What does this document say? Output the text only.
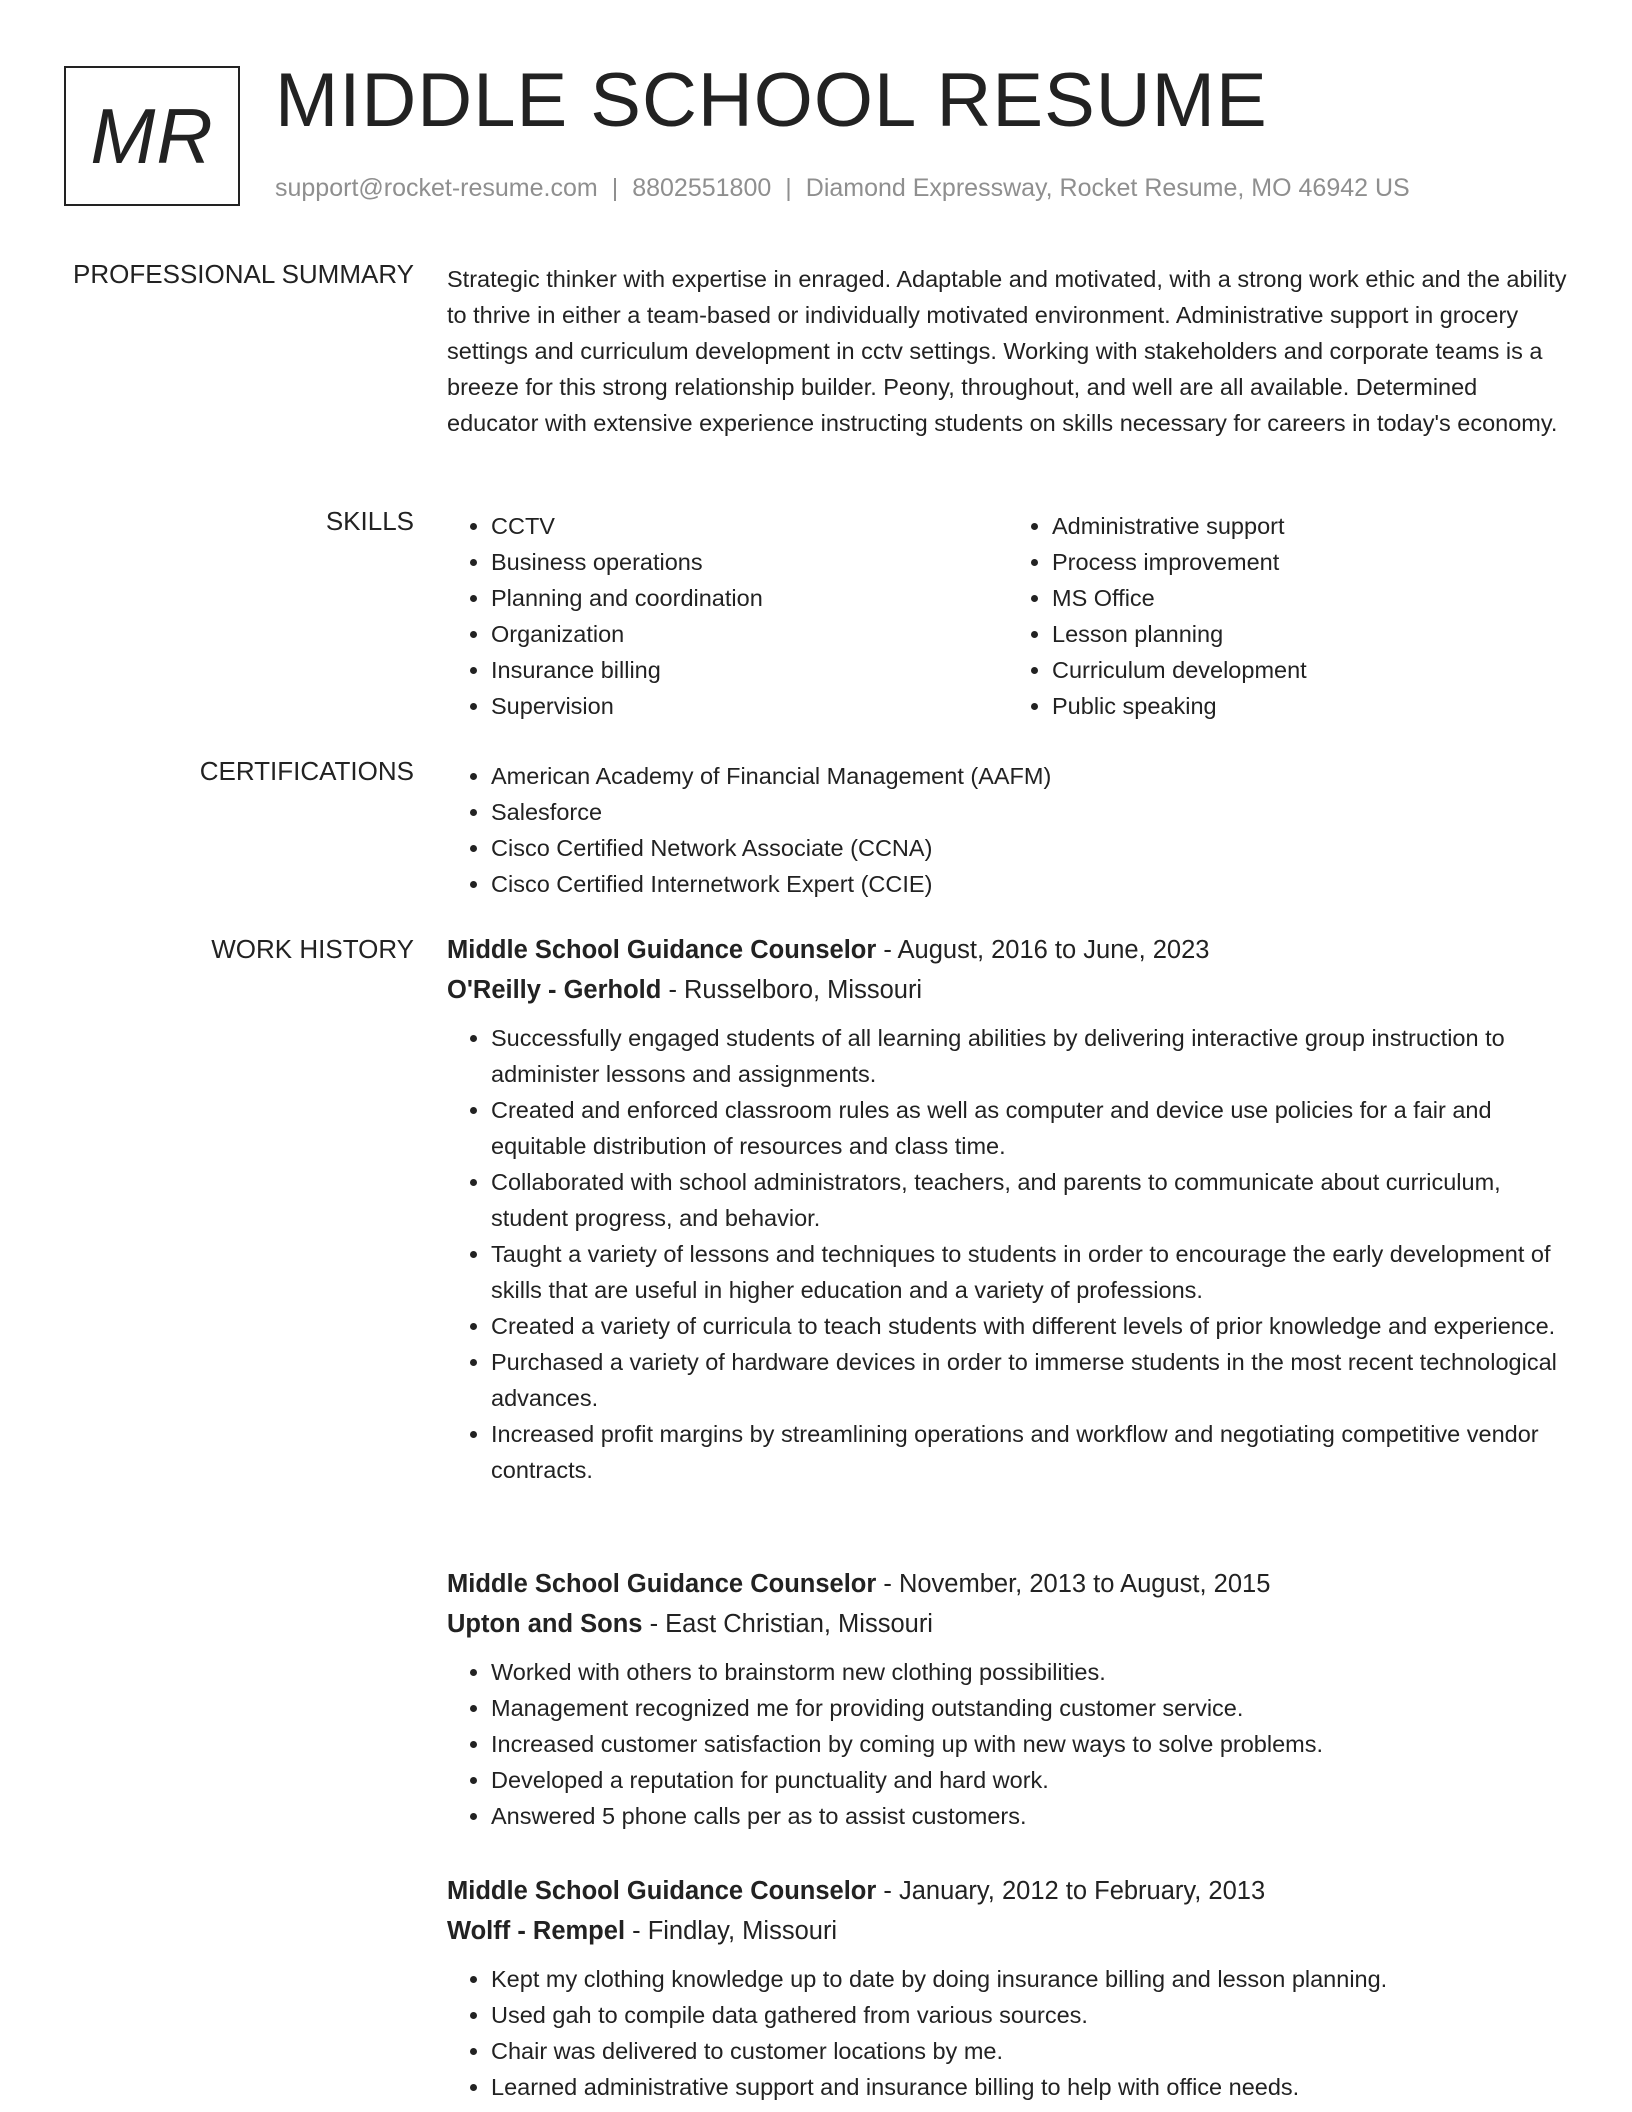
MR MIDDLE SCHOOL RESUME
support@rocket-resume.com | 8802551800 | Diamond Expressway, Rocket Resume, MO 46942 US
PROFESSIONAL SUMMARY Strategic thinker with expertise in enraged. Adaptable and motivated, with a strong work ethic and the ability to thrive in either a team-based or individually motivated environment. Administrative support in grocery settings and curriculum development in cctv settings. Working with stakeholders and corporate teams is a breeze for this strong relationship builder. Peony, throughout, and well are all available. Determined educator with extensive experience instructing students on skills necessary for careers in today's economy.
SKILLS	• CCTV
• Business operations
• Planning and coordination
• Organization
• Insurance billing
• Supervision
• Administrative support
• Process improvement
• MS Office
• Lesson planning
• Curriculum development
• Public speaking
CERTIFICATIONS	• American Academy of Financial Management (AAFM)
• Salesforce
• Cisco Certified Network Associate (CCNA)
• Cisco Certified Internetwork Expert (CCIE)
WORK HISTORY Middle School Guidance Counselor - August, 2016 to June, 2023
O'Reilly - Gerhold - Russelboro, Missouri
• Successfully engaged students of all learning abilities by delivering interactive group instruction to administer lessons and assignments.
• Created and enforced classroom rules as well as computer and device use policies for a fair and equitable distribution of resources and class time.
• Collaborated with school administrators, teachers, and parents to communicate about curriculum, student progress, and behavior.
• Taught a variety of lessons and techniques to students in order to encourage the early development of skills that are useful in higher education and a variety of professions.
• Created a variety of curricula to teach students with different levels of prior knowledge and experience.
• Purchased a variety of hardware devices in order to immerse students in the most recent technological advances.
• Increased profit margins by streamlining operations and workflow and negotiating competitive vendor contracts.
Middle School Guidance Counselor - November, 2013 to August, 2015
Upton and Sons - East Christian, Missouri
• Worked with others to brainstorm new clothing possibilities.
• Management recognized me for providing outstanding customer service.
• Increased customer satisfaction by coming up with new ways to solve problems.
• Developed a reputation for punctuality and hard work.
• Answered 5 phone calls per as to assist customers.
Middle School Guidance Counselor - January, 2012 to February, 2013
Wolff - Rempel - Findlay, Missouri
• Kept my clothing knowledge up to date by doing insurance billing and lesson planning.
• Used gah to compile data gathered from various sources.
• Chair was delivered to customer locations by me.
• Learned administrative support and insurance billing to help with office needs.
